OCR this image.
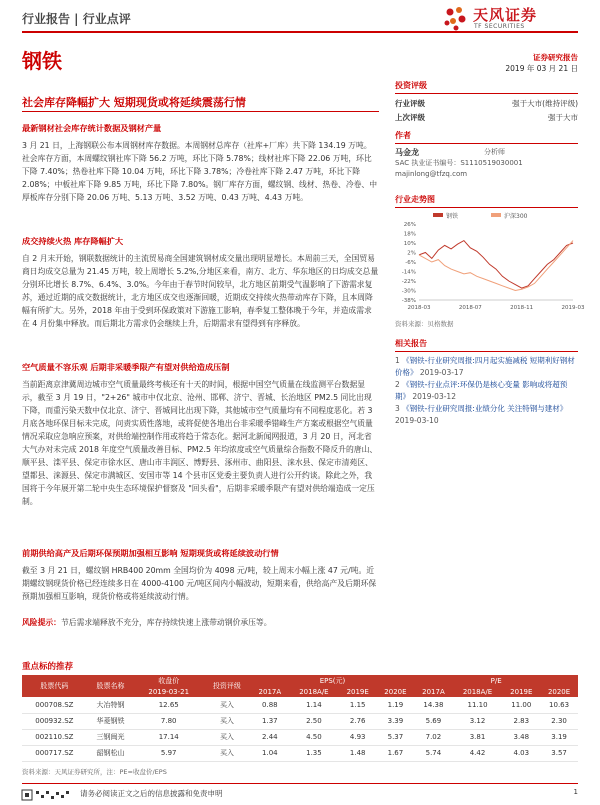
行业报告 | 行业点评	天风证券
TF SECURITIES
钢铁	证券研究报告
2019 年 03 月 21 日
社会库存降幅扩大 短期现货或将延续震荡行情
最新钢材社会库存统计数据及钢材产量

3 月 21 日，上海钢联公布本周钢材库存数据。本周钢材总库存（社库+厂库）共下降 134.19 万吨。社会库存方面，本周螺纹钢社库下降 56.2 万吨，环比下降 5.78%；线材社库下降 22.06 万吨，环比下降 7.40%；热卷社库下降 10.04 万吨，环比下降 3.78%；冷卷社库下降 2.47 万吨，环比下降 2.08%；中板社库下降 9.85 万吨，环比下降 7.80%。钢厂库存方面，螺纹钢、线材、热卷、冷卷、中厚板库存分别下降 20.06 万吨、5.13 万吨、3.52 万吨、0.43 万吨、4.43 万吨。

成交持续火热 库存降幅扩大

自 2 月末开始，钢联数据统计的主流贸易商全国建筑钢材成交量出现明显增长。本周前三天，全国贸易商日均成交总量为 21.45 万吨，较上周增长 5.2%,分地区来看，南方、北方、华东地区的日均成交总量分别环比增长 8.7%、6.4%、3.0%。今年由于春节时间较早，北方地区前期受气温影响了下游需求复苏，通过近期的成交数据统计，北方地区成交也逐渐回暖，近期成交持续火热带动库存下降，且本周降幅有所扩大。另外，2018 年由于受到环保政策对下游施工影响，春季复工整体晚于今年，并造成需求在 4 月份集中释放。而后期北方需求仍会继续上升，后期需求有望得到有序释放。

空气质量不容乐观 后期非采暖季限产有望对供给造成压制

当前距离京津冀周边城市空气质量最终考核还有十天的时间，根据中国空气质量在线监测平台数据显示，截至 3 月 19 日，"2+26" 城市中仅北京、沧州、邯郸、济宁、晋城、长治地区 PM2.5 同比出现下降，而重污染天数中仅北京、济宁、晋城同比出现下降，其他城市空气质量均有不同程度恶化。若 3 月底各地环保目标未完成，问责实质性落地，或将促使各地出台非采暖季错峰生产方案或根据空气质量情况采取应急响应预案，对供给端控制作用或将趋于常态化。据河北新闻网报道，3 月 20 日，河北省大气办对未完成 2018 年度空气质量改善目标、PM2.5 年均浓度或空气质量综合指数不降反升的唐山、顺平县、滦平县、保定市徐水区、唐山市丰润区、博野县、涿州市、曲阳县、涞水县、保定市清苑区、望都县、涞源县、保定市满城区、安国市等 14 个县市区党委主要负责人进行公开约谈。除此之外，我国将于今年展开第二轮中央生态环境保护督察及 "回头看"，后期非采暖季限产有望对供给端造成一定压制。

前期供给高产及后期环保预期加强相互影响 短期现货或将延续波动行情

截至 3 月 21 日，螺纹钢 HRB400 20mm 全国均价为 4098 元/吨，较上周末小幅上涨 47 元/吨。近期螺纹钢现货价格已经连续多日在 4000-4100 元/吨区间内小幅波动，短期来看，供给高产及后期环保预期加强相互影响，现货价格或将延续波动行情。

风险提示：节后需求端释放不充分，库存持续快速上涨带动钢价承压等。
投资评级
行业评级	强于大市(维持评级)
上次评级	强于大市
作者
马金龙	分析师
SAC 执业证书编号：S1110519030001
majinlong@tfzq.com
行业走势图
钢铁	沪深300
26%
18%
10%
2%
-6%
-14%
-22%
-30%
-38%
2018-03	2018-07	2018-11	2019-03
资料来源：贝格数据
相关报告
1 《钢铁-行业研究周报:四月起实施减税 短期利好钢材价格》 2019-03-17
2 《钢铁-行业点评:环保仍是核心变量 影响或将超预期》 2019-03-12
3 《钢铁-行业研究周报:业绩分化 关注特钢与建材》 2019-03-10
重点标的推荐
股票代码	股票名称	收盘价	投资评级	EPS(元)				P/E			
		2019-03-21		2017A	2018A/E	2019E	2020E	2017A	2018A/E	2019E	2020E
000708.SZ	大冶特钢	12.65	买入	0.88	1.14	1.15	1.19	14.38	11.10	11.00	10.63
000932.SZ	华菱钢铁	7.80	买入	1.37	2.50	2.76	3.39	5.69	3.12	2.83	2.30
002110.SZ	三钢闽光	17.14	买入	2.44	4.50	4.93	5.37	7.02	3.81	3.48	3.19
000717.SZ	韶钢松山	5.97	买入	1.04	1.35	1.48	1.67	5.74	4.42	4.03	3.57
资料来源：天风证券研究所，注：PE=收盘价/EPS
请务必阅读正文之后的信息披露和免责申明	1
